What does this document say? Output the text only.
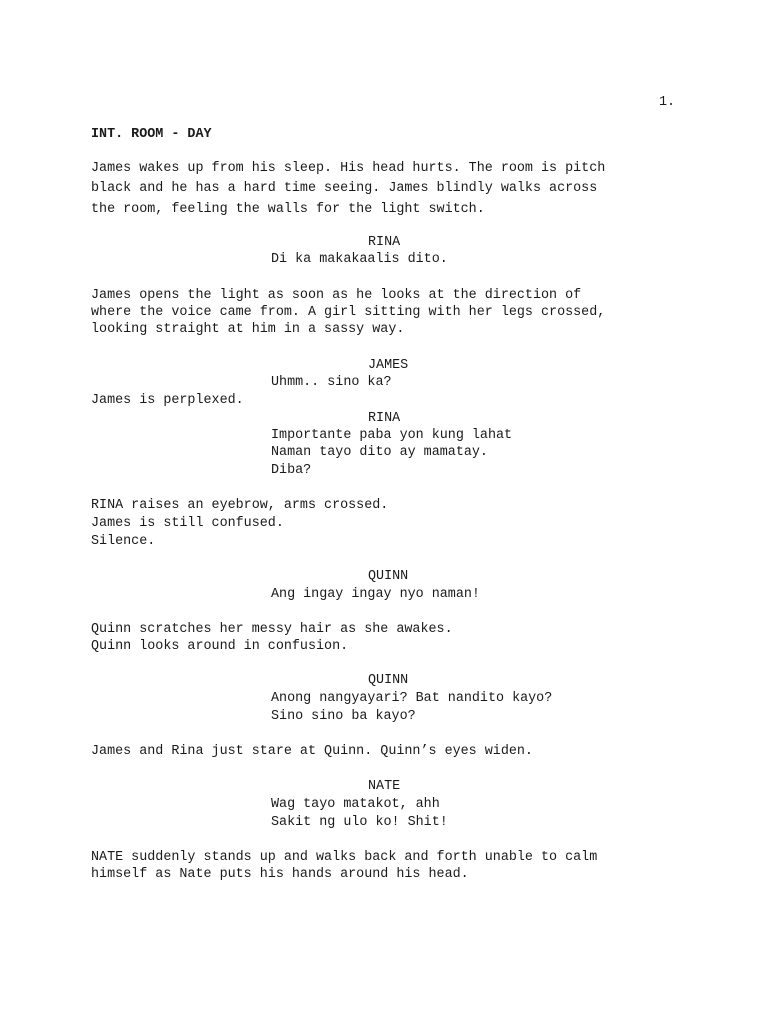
1.
INT. ROOM - DAY
James wakes up from his sleep. His head hurts. The room is pitch
black and he has a hard time seeing. James blindly walks across
the room, feeling the walls for the light switch.
RINA
Di ka makakaalis dito.
James opens the light as soon as he looks at the direction of
where the voice came from. A girl sitting with her legs crossed,
looking straight at him in a sassy way.
JAMES
Uhmm.. sino ka?
James is perplexed.
RINA
Importante paba yon kung lahat
Naman tayo dito ay mamatay.
Diba?
RINA raises an eyebrow, arms crossed.
James is still confused.
Silence.
QUINN
Ang ingay ingay nyo naman!
Quinn scratches her messy hair as she awakes.
Quinn looks around in confusion.
QUINN
Anong nangyayari? Bat nandito kayo?
Sino sino ba kayo?
James and Rina just stare at Quinn. Quinn’s eyes widen.
NATE
Wag tayo matakot, ahh
Sakit ng ulo ko! Shit!
NATE suddenly stands up and walks back and forth unable to calm
himself as Nate puts his hands around his head.
